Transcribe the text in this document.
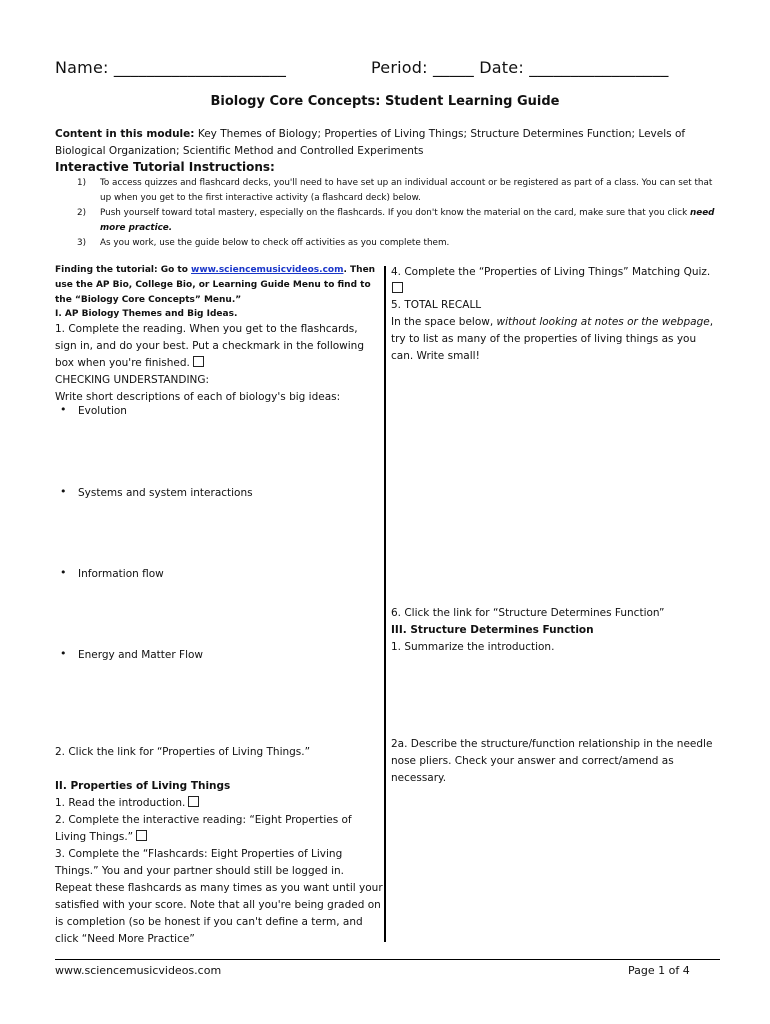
Name: _____________________	Period: _____ Date: _________________
Biology Core Concepts: Student Learning Guide
Content in this module: Key Themes of Biology; Properties of Living Things; Structure Determines Function; Levels of Biological Organization; Scientific Method and Controlled Experiments
Interactive Tutorial Instructions:
1)	To access quizzes and flashcard decks, you'll need to have set up an individual account or be registered as part of a class. You can set that up when you get to the first interactive activity (a flashcard deck) below.
2)	Push yourself toward total mastery, especially on the flashcards. If you don't know the material on the card, make sure that you click need more practice.
3)	As you work, use the guide below to check off activities as you complete them.
Finding the tutorial: Go to www.sciencemusicvideos.com. Then use the AP Bio, College Bio, or Learning Guide Menu to find to the “Biology Core Concepts” Menu.”
I. AP Biology Themes and Big Ideas.
1. Complete the reading. When you get to the flashcards, sign in, and do your best. Put a checkmark in the following box when you're finished.
CHECKING UNDERSTANDING:
Write short descriptions of each of biology's big ideas:
• Evolution
• Systems and system interactions
• Information flow
• Energy and Matter Flow
2. Click the link for “Properties of Living Things.”
II. Properties of Living Things
1. Read the introduction.
2. Complete the interactive reading: “Eight Properties of Living Things.”
3. Complete the “Flashcards: Eight Properties of Living Things.” You and your partner should still be logged in. Repeat these flashcards as many times as you want until your satisfied with your score. Note that all you're being graded on is completion (so be honest if you can't define a term, and click “Need More Practice”
4. Complete the “Properties of Living Things” Matching Quiz.

5. TOTAL RECALL
In the space below, without looking at notes or the webpage, try to list as many of the properties of living things as you can. Write small!
6. Click the link for “Structure Determines Function”
III. Structure Determines Function
1. Summarize the introduction.
2a. Describe the structure/function relationship in the needle nose pliers. Check your answer and correct/amend as necessary.
www.sciencemusicvideos.com	Page 1 of 4
